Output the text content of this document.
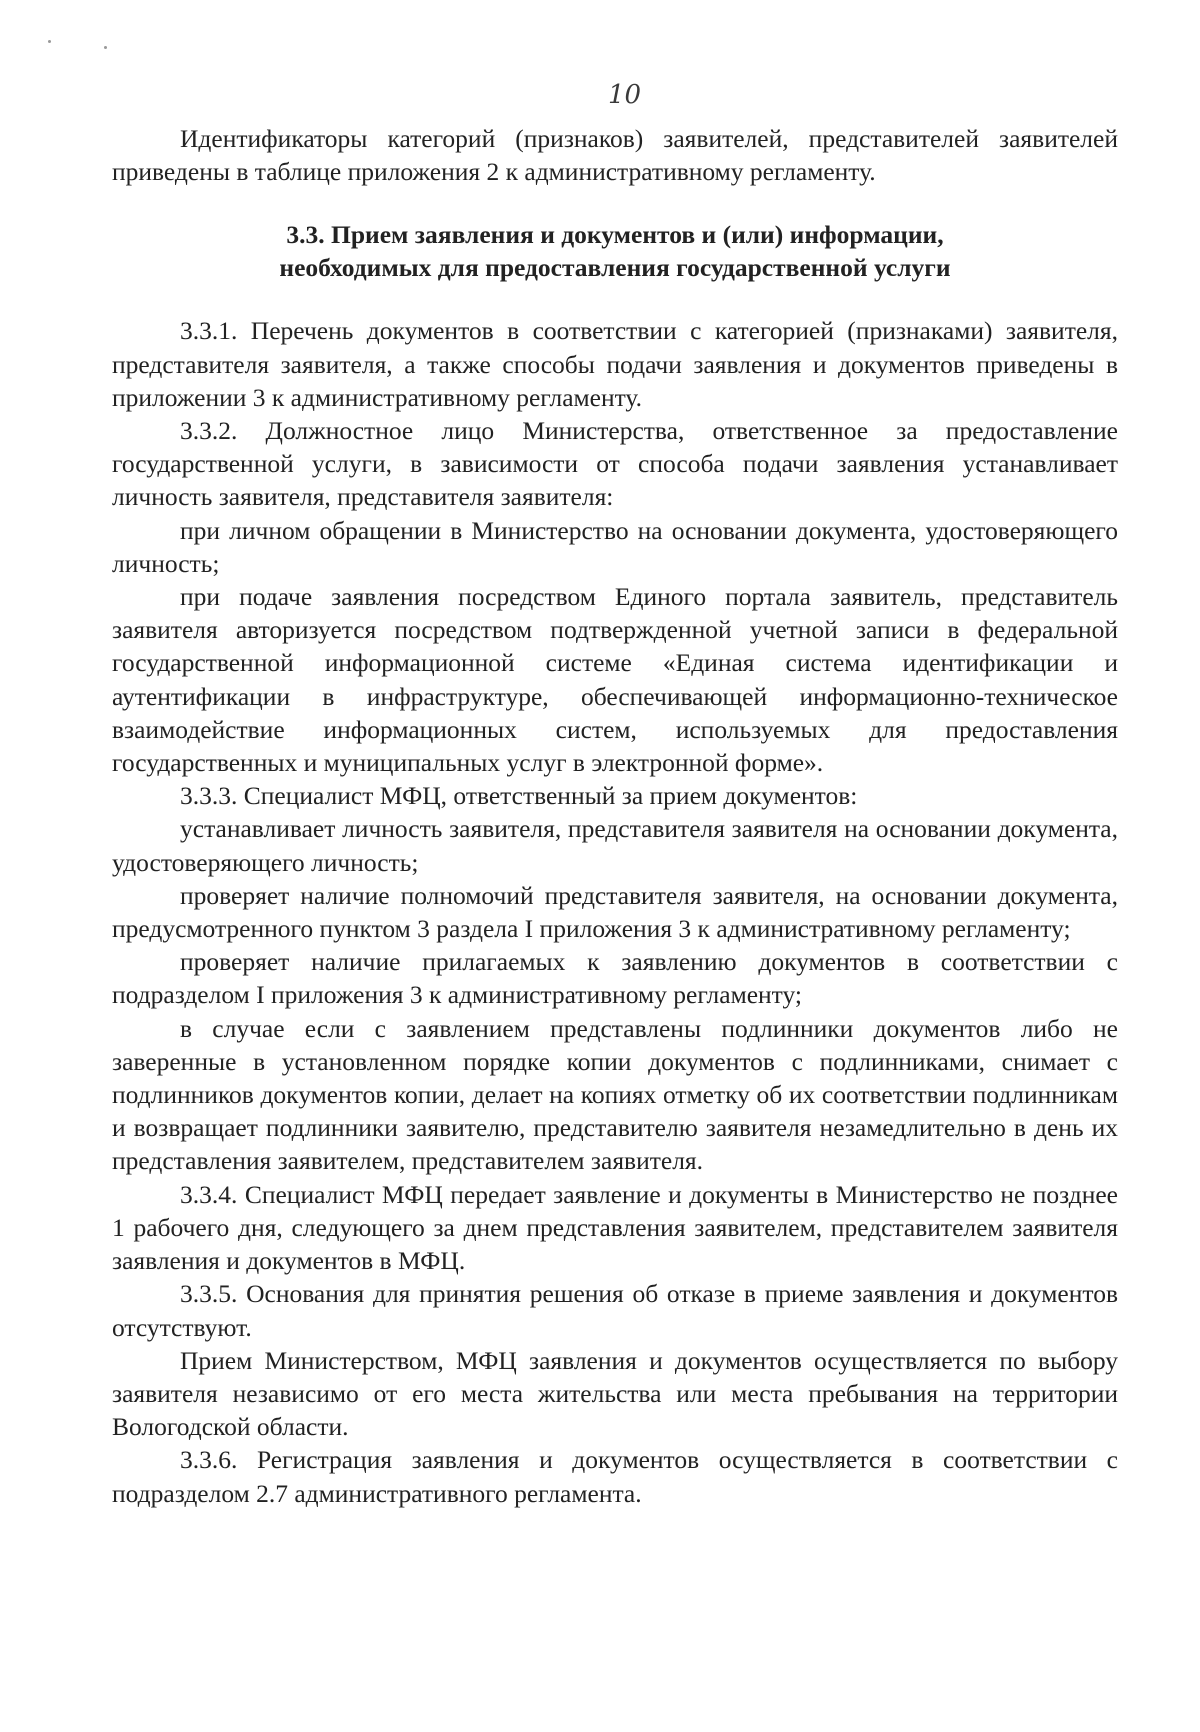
10

Идентификаторы категорий (признаков) заявителей, представителей заявителей приведены в таблице приложения 2 к административному регламенту.

3.3. Прием заявления и документов и (или) информации,
необходимых для предоставления государственной услуги

3.3.1. Перечень документов в соответствии с категорией (признаками) заявителя, представителя заявителя, а также способы подачи заявления и документов приведены в приложении 3 к административному регламенту.

3.3.2. Должностное лицо Министерства, ответственное за предоставление государственной услуги, в зависимости от способа подачи заявления устанавливает личность заявителя, представителя заявителя:

при личном обращении в Министерство на основании документа, удостоверяющего личность;

при подаче заявления посредством Единого портала заявитель, представитель заявителя авторизуется посредством подтвержденной учетной записи в федеральной государственной информационной системе «Единая система идентификации и аутентификации в инфраструктуре, обеспечивающей информационно-техническое взаимодействие информационных систем, используемых для предоставления государственных и муниципальных услуг в электронной форме».

3.3.3. Специалист МФЦ, ответственный за прием документов:

устанавливает личность заявителя, представителя заявителя на основании документа, удостоверяющего личность;

проверяет наличие полномочий представителя заявителя, на основании документа, предусмотренного пунктом 3 раздела I приложения 3 к административному регламенту;

проверяет наличие прилагаемых к заявлению документов в соответствии с подразделом I приложения 3 к административному регламенту;

в случае если с заявлением представлены подлинники документов либо не заверенные в установленном порядке копии документов с подлинниками, снимает с подлинников документов копии, делает на копиях отметку об их соответствии подлинникам и возвращает подлинники заявителю, представителю заявителя незамедлительно в день их представления заявителем, представителем заявителя.

3.3.4. Специалист МФЦ передает заявление и документы в Министерство не позднее 1 рабочего дня, следующего за днем представления заявителем, представителем заявителя заявления и документов в МФЦ.

3.3.5. Основания для принятия решения об отказе в приеме заявления и документов отсутствуют.

Прием Министерством, МФЦ заявления и документов осуществляется по выбору заявителя независимо от его места жительства или места пребывания на территории Вологодской области.

3.3.6. Регистрация заявления и документов осуществляется в соответствии с подразделом 2.7 административного регламента.
